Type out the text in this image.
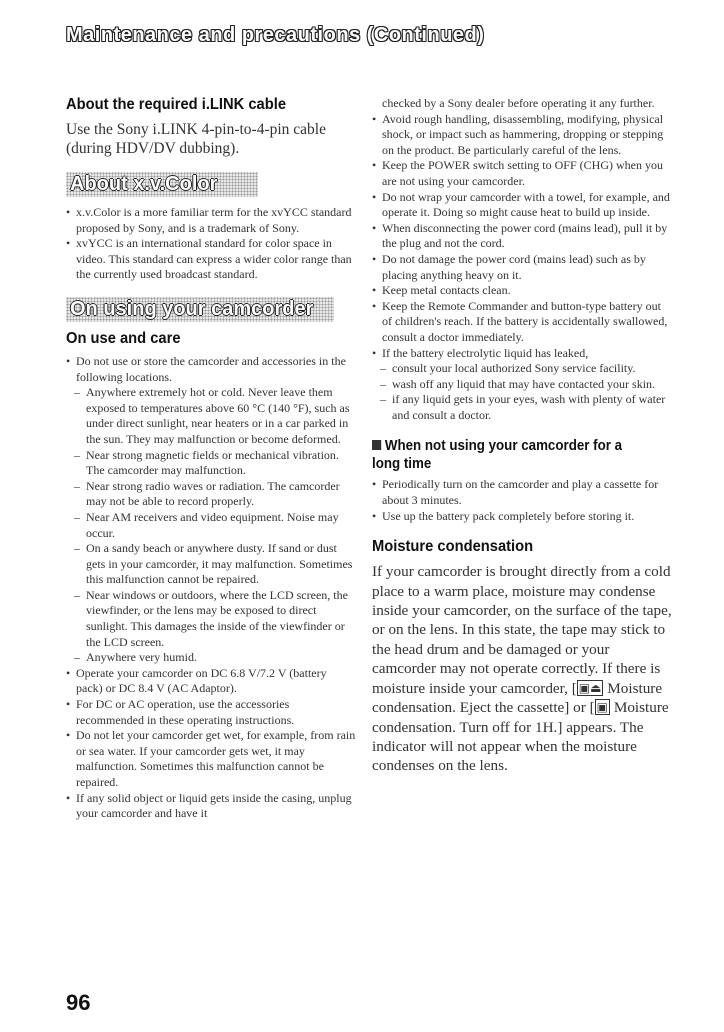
Maintenance and precautions (Continued)
About the required i.LINK cable

Use the Sony i.LINK 4-pin-to-4-pin cable (during HDV/DV dubbing).

About x.v.Color
• x.v.Color is a more familiar term for the xvYCC standard proposed by Sony, and is a trademark of Sony.
• xvYCC is an international standard for color space in video. This standard can express a wider color range than the currently used broadcast standard.
On using your camcorder
On use and care
• Do not use or store the camcorder and accessories in the following locations.
– Anywhere extremely hot or cold. Never leave them exposed to temperatures above 60 °C (140 °F), such as under direct sunlight, near heaters or in a car parked in the sun. They may malfunction or become deformed.
– Near strong magnetic fields or mechanical vibration. The camcorder may malfunction.
– Near strong radio waves or radiation. The camcorder may not be able to record properly.
– Near AM receivers and video equipment. Noise may occur.
– On a sandy beach or anywhere dusty. If sand or dust gets in your camcorder, it may malfunction. Sometimes this malfunction cannot be repaired.
– Near windows or outdoors, where the LCD screen, the viewfinder, or the lens may be exposed to direct sunlight. This damages the inside of the viewfinder or the LCD screen.
– Anywhere very humid.
• Operate your camcorder on DC 6.8 V/7.2 V (battery pack) or DC 8.4 V (AC Adaptor).
• For DC or AC operation, use the accessories recommended in these operating instructions.
• Do not let your camcorder get wet, for example, from rain or sea water. If your camcorder gets wet, it may malfunction. Sometimes this malfunction cannot be repaired.
• If any solid object or liquid gets inside the casing, unplug your camcorder and have it
checked by a Sony dealer before operating it any further.
• Avoid rough handling, disassembling, modifying, physical shock, or impact such as hammering, dropping or stepping on the product. Be particularly careful of the lens.
• Keep the POWER switch setting to OFF (CHG) when you are not using your camcorder.
• Do not wrap your camcorder with a towel, for example, and operate it. Doing so might cause heat to build up inside.
• When disconnecting the power cord (mains lead), pull it by the plug and not the cord.
• Do not damage the power cord (mains lead) such as by placing anything heavy on it.
• Keep metal contacts clean.
• Keep the Remote Commander and button-type battery out of children's reach. If the battery is accidentally swallowed, consult a doctor immediately.
• If the battery electrolytic liquid has leaked,
– consult your local authorized Sony service facility.
– wash off any liquid that may have contacted your skin.
– if any liquid gets in your eyes, wash with plenty of water and consult a doctor.
When not using your camcorder for a long time
• Periodically turn on the camcorder and play a cassette for about 3 minutes.
• Use up the battery pack completely before storing it.
Moisture condensation

If your camcorder is brought directly from a cold place to a warm place, moisture may condense inside your camcorder, on the surface of the tape, or on the lens. In this state, the tape may stick to the head drum and be damaged or your camcorder may not operate correctly. If there is moisture inside your camcorder, [ ▣⏏ Moisture condensation. Eject the cassette] or [ ▣ Moisture condensation. Turn off for 1H.] appears. The indicator will not appear when the moisture condenses on the lens.

96
